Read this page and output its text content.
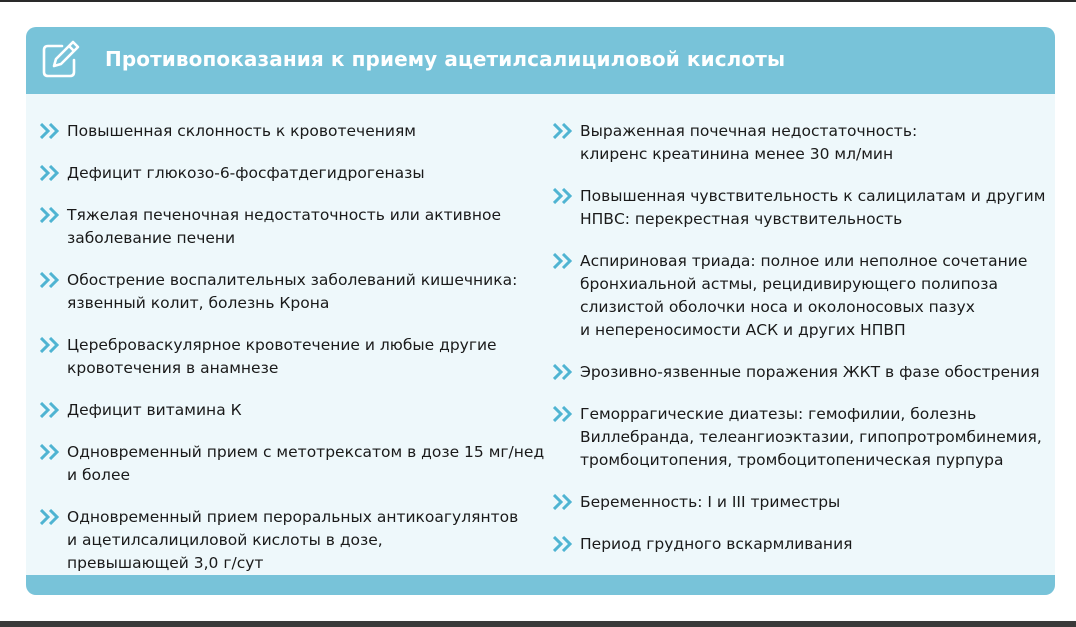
Противопоказания к приему ацетилсалициловой кислоты
Повышенная склонность к кровотечениям
Дефицит глюкозо-6-фосфатдегидрогеназы
Тяжелая печеночная недостаточность или активное
заболевание печени
Обострение воспалительных заболеваний кишечника:
язвенный колит, болезнь Крона
Цереброваскулярное кровотечение и любые другие
кровотечения в анамнезе
Дефицит витамина К
Одновременный прием с метотрексатом в дозе 15 мг/нед
и более
Одновременный прием пероральных антикоагулянтов
и ацетилсалициловой кислоты в дозе,
превышающей 3,0 г/сут
Выраженная почечная недостаточность:
клиренс креатинина менее 30 мл/мин
Повышенная чувствительность к салицилатам и другим
НПВС: перекрестная чувствительность
Аспириновая триада: полное или неполное сочетание
бронхиальной астмы, рецидивирующего полипоза
слизистой оболочки носа и околоносовых пазух
и непереносимости АСК и других НПВП
Эрозивно-язвенные поражения ЖКТ в фазе обострения
Геморрагические диатезы: гемофилии, болезнь
Виллебранда, телеангиоэктазии, гипопротромбинемия,
тромбоцитопения, тромбоцитопеническая пурпура
Беременность: I и III триместры
Период грудного вскармливания
